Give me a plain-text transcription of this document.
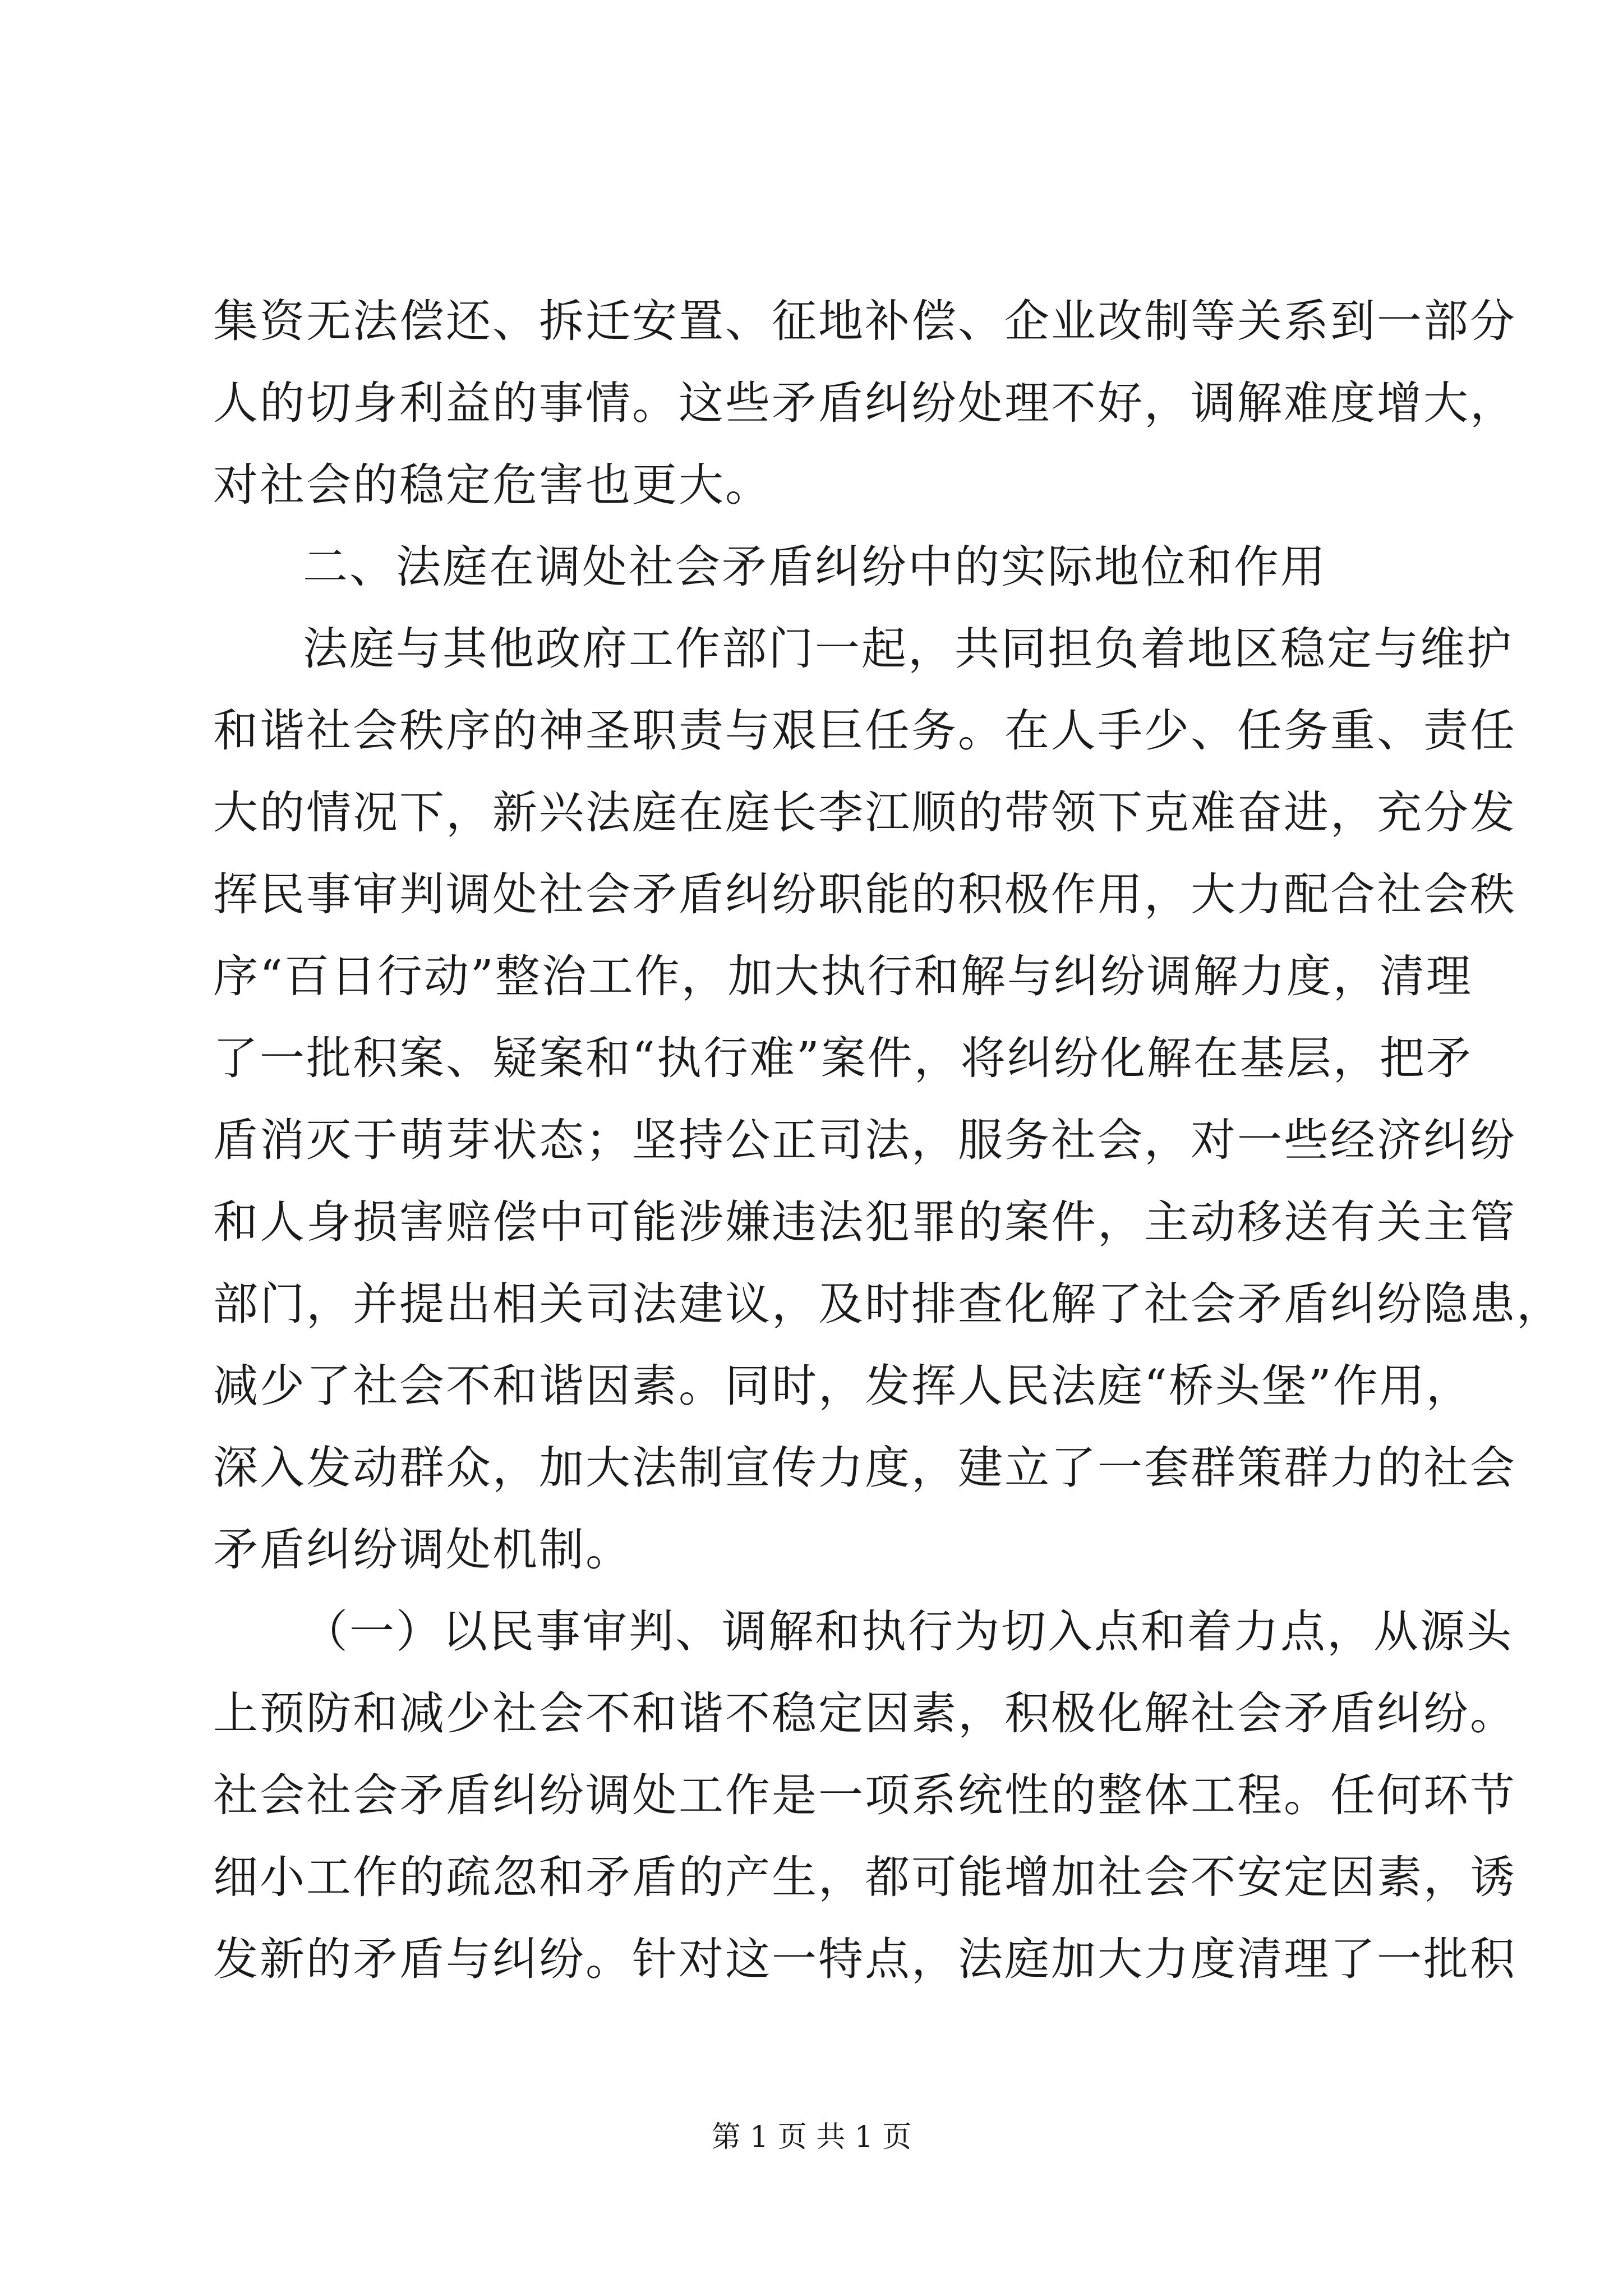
集资无法偿还、拆迁安置、征地补偿、企业改制等关系到一部分
人的切身利益的事情。这些矛盾纠纷处理不好，调解难度增大，
对社会的稳定危害也更大。
二、法庭在调处社会矛盾纠纷中的实际地位和作用
法庭与其他政府工作部门一起，共同担负着地区稳定与维护
和谐社会秩序的神圣职责与艰巨任务。在人手少、任务重、责任
大的情况下，新兴法庭在庭长李江顺的带领下克难奋进，充分发
挥民事审判调处社会矛盾纠纷职能的积极作用，大力配合社会秩
序“百日行动”整治工作，加大执行和解与纠纷调解力度，清理
了一批积案、疑案和“执行难”案件，将纠纷化解在基层，把矛
盾消灭于萌芽状态；坚持公正司法，服务社会，对一些经济纠纷
和人身损害赔偿中可能涉嫌违法犯罪的案件，主动移送有关主管
部门，并提出相关司法建议，及时排查化解了社会矛盾纠纷隐患，
减少了社会不和谐因素。同时，发挥人民法庭“桥头堡”作用，
深入发动群众，加大法制宣传力度，建立了一套群策群力的社会
矛盾纠纷调处机制。
（一）以民事审判、调解和执行为切入点和着力点，从源头
上预防和减少社会不和谐不稳定因素，积极化解社会矛盾纠纷。
社会社会矛盾纠纷调处工作是一项系统性的整体工程。任何环节
细小工作的疏忽和矛盾的产生，都可能增加社会不安定因素，诱
发新的矛盾与纠纷。针对这一特点，法庭加大力度清理了一批积
第 1 页 共 1 页
